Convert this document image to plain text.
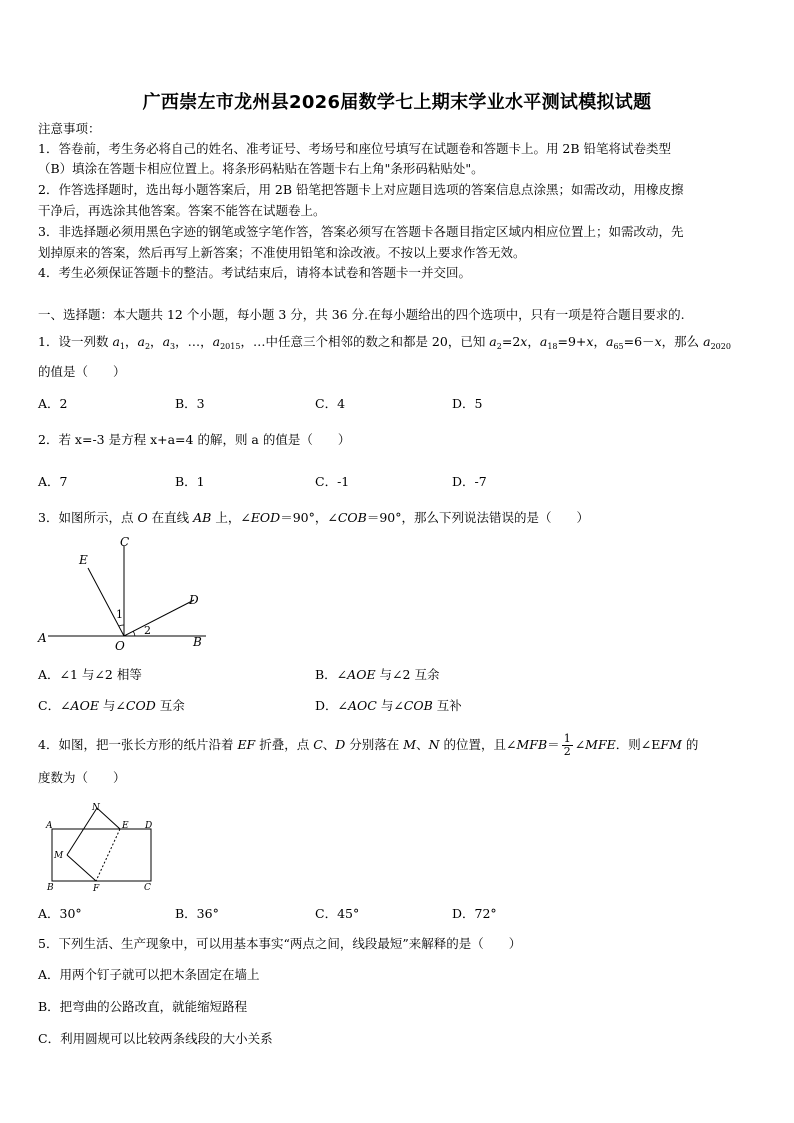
广西崇左市龙州县2026届数学七上期末学业水平测试模拟试题
注意事项：
1．答卷前，考生务必将自己的姓名、准考证号、考场号和座位号填写在试题卷和答题卡上。用 2B 铅笔将试卷类型
（B）填涂在答题卡相应位置上。将条形码粘贴在答题卡右上角"条形码粘贴处"。
2．作答选择题时，选出每小题答案后，用 2B 铅笔把答题卡上对应题目选项的答案信息点涂黑；如需改动，用橡皮擦
干净后，再选涂其他答案。答案不能答在试题卷上。
3．非选择题必须用黑色字迹的钢笔或签字笔作答，答案必须写在答题卡各题目指定区域内相应位置上；如需改动，先
划掉原来的答案，然后再写上新答案；不准使用铅笔和涂改液。不按以上要求作答无效。
4．考生必须保证答题卡的整洁。考试结束后，请将本试卷和答题卡一并交回。
一、选择题：本大题共 12 个小题，每小题 3 分，共 36 分.在每小题给出的四个选项中，只有一项是符合题目要求的.
1．设一列数 $a_1$，$a_2$，$a_3$，…，$a_{2015}$，…中任意三个相邻的数之和都是 20，已知 $a_2=2x$，$a_{18}=9+x$，$a_{65}=6-x$，那么 $a_{2020}$
的值是（　　）
A．2	B．3	C．4	D．5
2．若 x=-3 是方程 x+a=4 的解，则 a 的值是（　　）
A．7	B．1	C．-1	D．-7
3．如图所示，点 O 在直线 AB 上，∠EOD＝90°，∠COB＝90°，那么下列说法错误的是（　　）
C
E
D
A	B
O
1
2
A．∠1 与∠2 相等	B．∠AOE 与∠2 互余
C．∠AOE 与∠COD 互余	D．∠AOC 与∠COB 互补
4．如图，把一张长方形的纸片沿着 EF 折叠，点 C、D 分别落在 M、N 的位置，且∠MFB＝ $\frac{1}{2}$ ∠MFE．则∠EFM 的
度数为（　　）
N
A	E D
M
B	F	C
A．30°	B．36°	C．45°	D．72°
5．下列生活、生产现象中，可以用基本事实“两点之间，线段最短”来解释的是（　　）
A．用两个钉子就可以把木条固定在墙上
B．把弯曲的公路改直，就能缩短路程
C．利用圆规可以比较两条线段的大小关系
